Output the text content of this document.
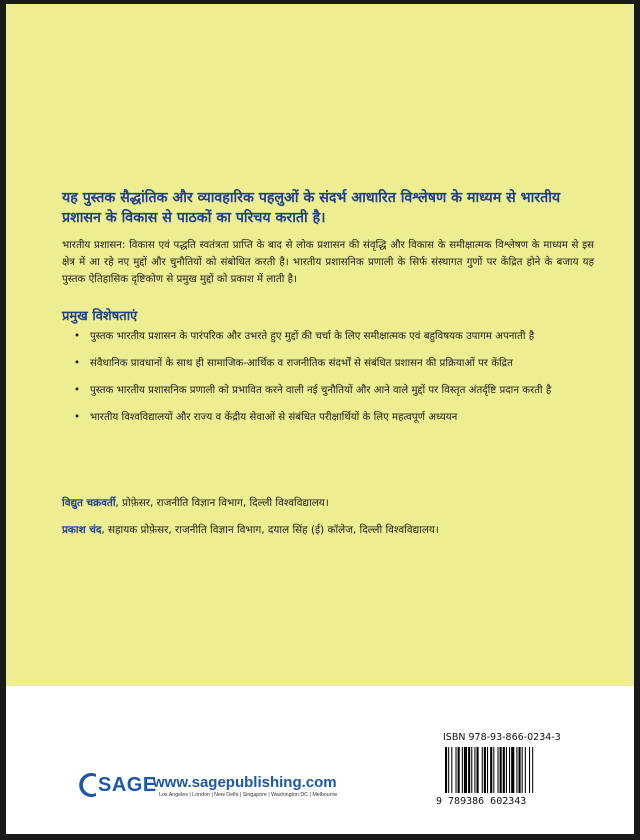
यह पुस्तक सैद्धांतिक और व्यावहारिक पहलुओं के संदर्भ आधारित विश्लेषण के माध्यम से भारतीय प्रशासन के विकास से पाठकों का परिचय कराती है।

भारतीय प्रशासन: विकास एवं पद्धति स्वतंत्रता प्राप्ति के बाद से लोक प्रशासन की संवृद्धि और विकास के समीक्षात्मक विश्लेषण के माध्यम से इस क्षेत्र में आ रहे नए मुद्दों और चुनौतियों को संबोधित करती है। भारतीय प्रशासनिक प्रणाली के सिर्फ संस्थागत गुणों पर केंद्रित होने के बजाय यह पुस्तक ऐतिहासिक दृष्टिकोण से प्रमुख मुद्दों को प्रकाश में लाती है।

प्रमुख विशेषताएं

• पुस्तक भारतीय प्रशासन के पारंपरिक और उभरते हुए मुद्दों की चर्चा के लिए समीक्षात्मक एवं बहुविषयक उपागम अपनाती है
• संवैधानिक प्रावधानों के साथ ही सामाजिक-आर्थिक व राजनीतिक संदर्भों से संबंधित प्रशासन की प्रक्रियाओं पर केंद्रित
• पुस्तक भारतीय प्रशासनिक प्रणाली को प्रभावित करने वाली नई चुनौतियों और आने वाले मुद्दों पर विस्तृत अंतर्दृष्टि प्रदान करती है
• भारतीय विश्वविद्यालयों और राज्य व केंद्रीय सेवाओं से संबंधित परीक्षार्थियों के लिए महत्वपूर्ण अध्ययन

विद्युत चक्रवर्ती, प्रोफ़ेसर, राजनीति विज्ञान विभाग, दिल्ली विश्वविद्यालय।

प्रकाश चंद, सहायक प्रोफ़ेसर, राजनीति विज्ञान विभाग, दयाल सिंह (ई) कॉलेज, दिल्ली विश्वविद्यालय।

ISBN 978-93-866-0234-3
9 789386 602343
SAGE
www.sagepublishing.com
Los Angeles | London | New Delhi | Singapore | Washington DC | Melbourne
